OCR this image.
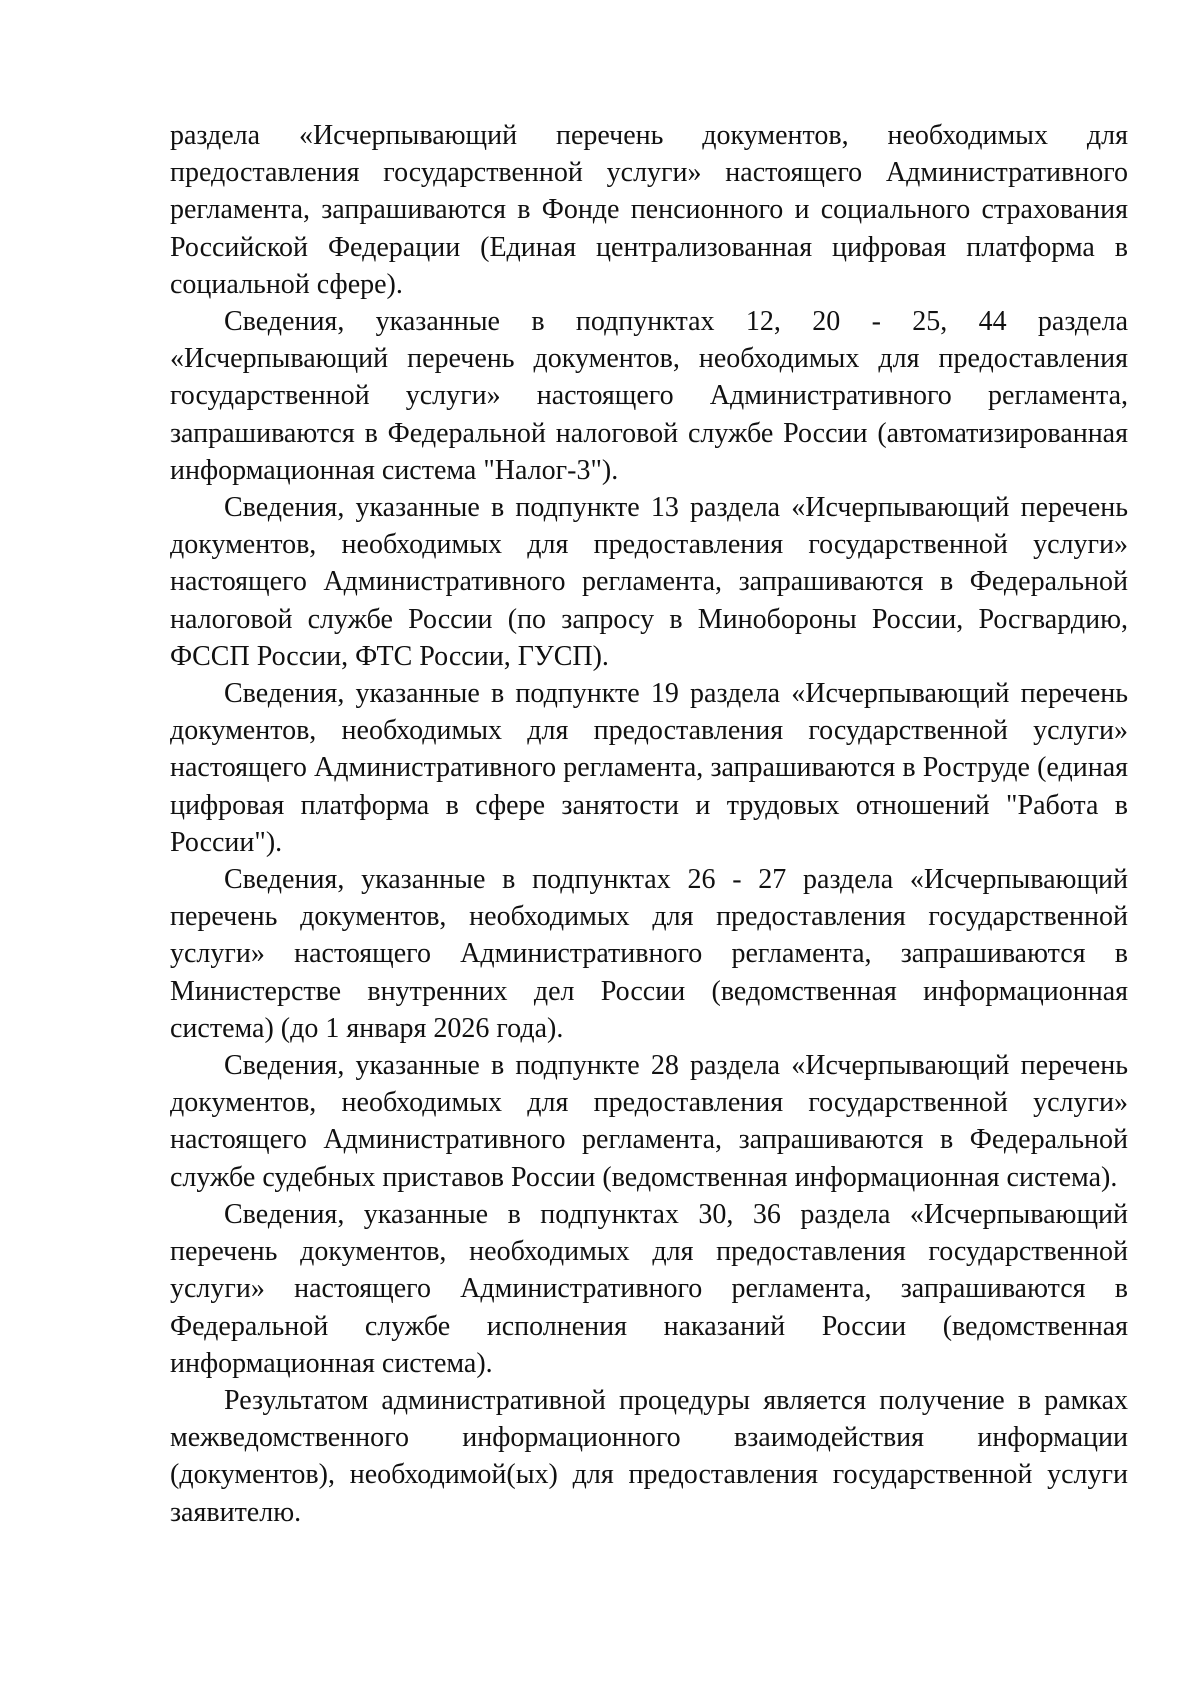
раздела «Исчерпывающий перечень документов, необходимых для предоставления государственной услуги» настоящего Административного регламента, запрашиваются в Фонде пенсионного и социального страхования Российской Федерации (Единая централизованная цифровая платформа в социальной сфере).

Сведения, указанные в подпунктах 12, 20 - 25, 44 раздела «Исчерпывающий перечень документов, необходимых для предоставления государственной услуги» настоящего Административного регламента, запрашиваются в Федеральной налоговой службе России (автоматизированная информационная система "Налог-3").

Сведения, указанные в подпункте 13 раздела «Исчерпывающий перечень документов, необходимых для предоставления государственной услуги» настоящего Административного регламента, запрашиваются в Федеральной налоговой службе России (по запросу в Минобороны России, Росгвардию, ФССП России, ФТС России, ГУСП).

Сведения, указанные в подпункте 19 раздела «Исчерпывающий перечень документов, необходимых для предоставления государственной услуги» настоящего Административного регламента, запрашиваются в Роструде (единая цифровая платформа в сфере занятости и трудовых отношений "Работа в России").

Сведения, указанные в подпунктах 26 - 27 раздела «Исчерпывающий перечень документов, необходимых для предоставления государственной услуги» настоящего Административного регламента, запрашиваются в Министерстве внутренних дел России (ведомственная информационная система) (до 1 января 2026 года).

Сведения, указанные в подпункте 28 раздела «Исчерпывающий перечень документов, необходимых для предоставления государственной услуги» настоящего Административного регламента, запрашиваются в Федеральной службе судебных приставов России (ведомственная информационная система).

Сведения, указанные в подпунктах 30, 36 раздела «Исчерпывающий перечень документов, необходимых для предоставления государственной услуги» настоящего Административного регламента, запрашиваются в Федеральной службе исполнения наказаний России (ведомственная информационная система).

Результатом административной процедуры является получение в рамках межведомственного информационного взаимодействия информации (документов), необходимой(ых) для предоставления государственной услуги заявителю.
